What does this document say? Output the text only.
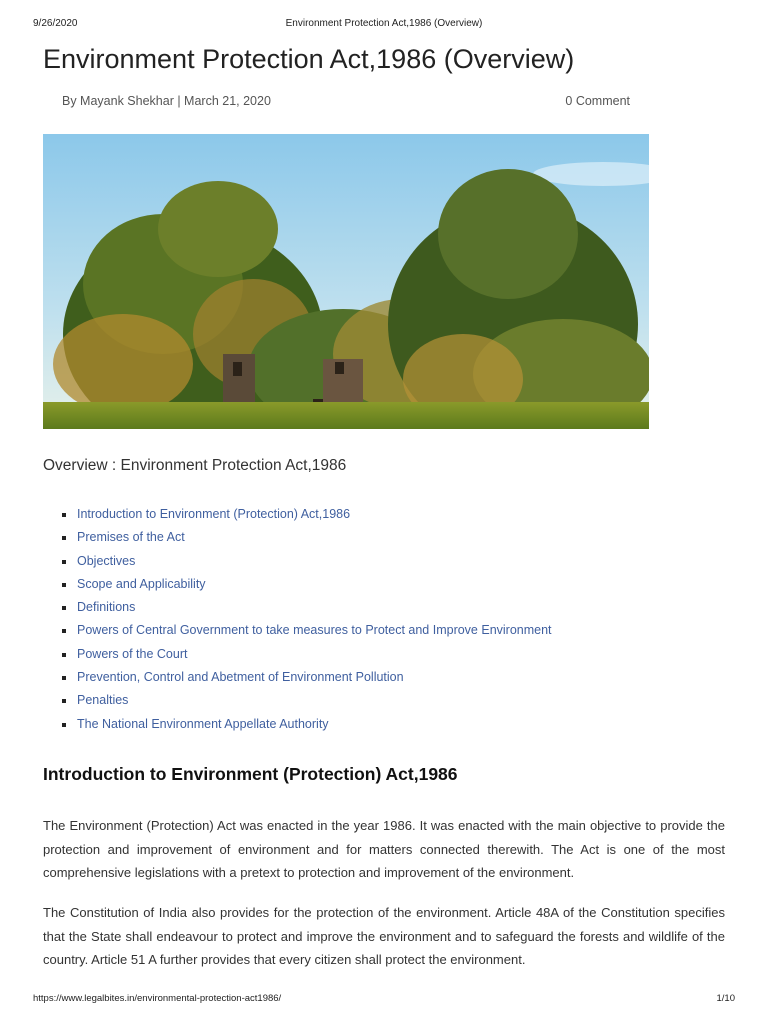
9/26/2020	Environment Protection Act,1986 (Overview)
Environment Protection Act,1986 (Overview)
By Mayank Shekhar | March 21, 2020	0 Comment
Overview : Environment Protection Act,1986
Introduction to Environment (Protection) Act,1986
Premises of the Act
Objectives
Scope and Applicability
Definitions
Powers of Central Government to take measures to Protect and Improve Environment
Powers of the Court
Prevention, Control and Abetment of Environment Pollution
Penalties
The National Environment Appellate Authority
Introduction to Environment (Protection) Act,1986

The Environment (Protection) Act was enacted in the year 1986. It was enacted with the main objective to provide the protection and improvement of environment and for matters connected therewith. The Act is one of the most comprehensive legislations with a pretext to protection and improvement of the environment.

The Constitution of India also provides for the protection of the environment. Article 48A of the Constitution specifies that the State shall endeavour to protect and improve the environment and to safeguard the forests and wildlife of the country. Article 51 A further provides that every citizen shall protect the environment.

https://www.legalbites.in/environmental-protection-act1986/	1/10
